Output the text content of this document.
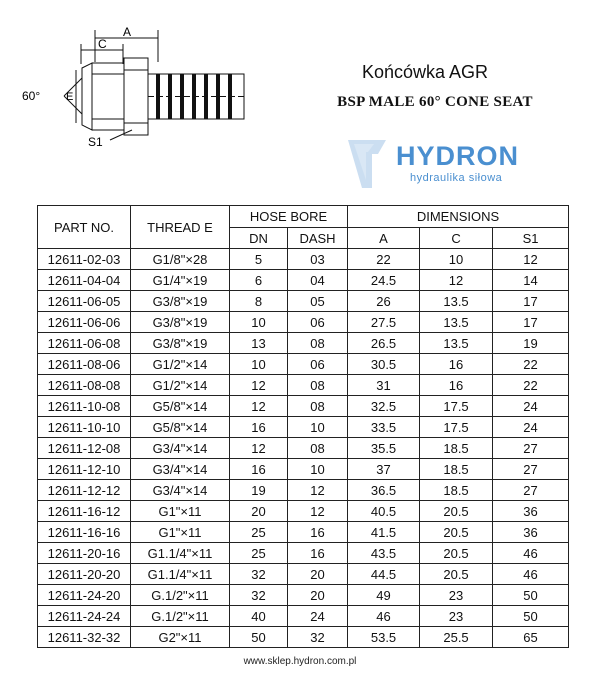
A
C
60° E
S1
Końcówka AGR
BSP MALE 60° CONE SEAT
HYDRON
hydraulika siłowa
PART NO.	THREAD E	HOSE BORE		DIMENSIONS		
		DN	DASH	A	C	S1
12611-02-03	G1/8"×28	5	03	22	10	12
12611-04-04	G1/4"×19	6	04	24.5	12	14
12611-06-05	G3/8"×19	8	05	26	13.5	17
12611-06-06	G3/8"×19	10	06	27.5	13.5	17
12611-06-08	G3/8"×19	13	08	26.5	13.5	19
12611-08-06	G1/2"×14	10	06	30.5	16	22
12611-08-08	G1/2"×14	12	08	31	16	22
12611-10-08	G5/8"×14	12	08	32.5	17.5	24
12611-10-10	G5/8"×14	16	10	33.5	17.5	24
12611-12-08	G3/4"×14	12	08	35.5	18.5	27
12611-12-10	G3/4"×14	16	10	37	18.5	27
12611-12-12	G3/4"×14	19	12	36.5	18.5	27
12611-16-12	G1"×11	20	12	40.5	20.5	36
12611-16-16	G1"×11	25	16	41.5	20.5	36
12611-20-16	G1.1/4"×11	25	16	43.5	20.5	46
12611-20-20	G1.1/4"×11	32	20	44.5	20.5	46
12611-24-20	G.1/2"×11	32	20	49	23	50
12611-24-24	G.1/2"×11	40	24	46	23	50
12611-32-32	G2"×11	50	32	53.5	25.5	65
www.sklep.hydron.com.pl
